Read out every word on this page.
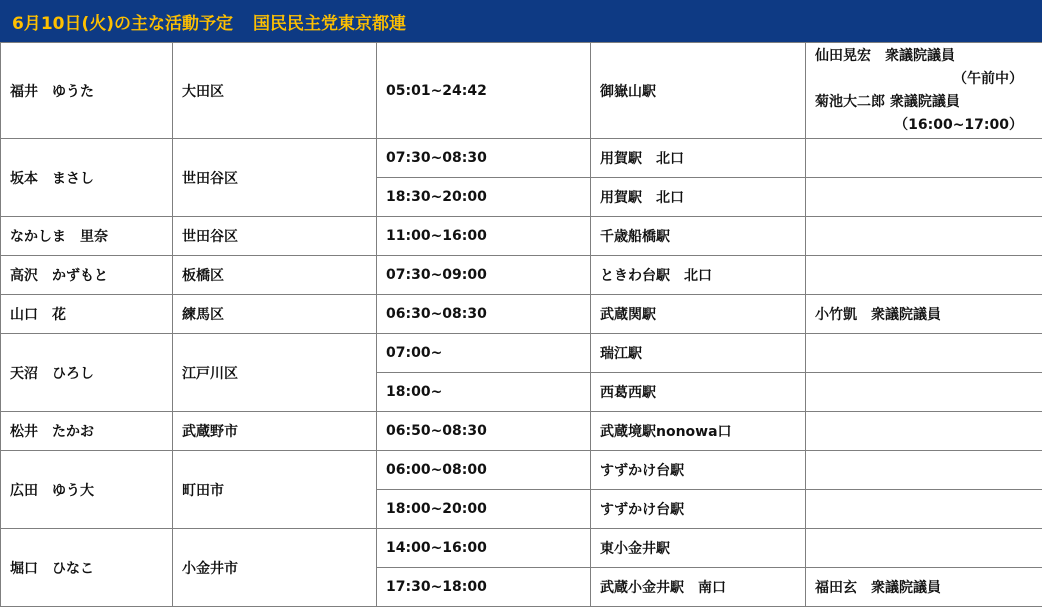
6月10日(火)の主な活動予定 国民民主党東京都連
福井　ゆうた	大田区	05:01~24:42	御嶽山駅	仙田晃宏　衆議院議員
（午前中）
菊池大二郎 衆議院議員
（16:00~17:00）

坂本　まさし	世田谷区	07:30~08:30	用賀駅　北口	
		18:30~20:00	用賀駅　北口	
なかしま　里奈	世田谷区	11:00~16:00	千歳船橋駅	
高沢　かずもと	板橋区	07:30~09:00	ときわ台駅　北口	
山口　花	練馬区	06:30~08:30	武蔵関駅	小竹凱　衆議院議員
天沼　ひろし	江戸川区	07:00~	瑞江駅	
		18:00~	西葛西駅	
松井　たかお	武蔵野市	06:50~08:30	武蔵境駅nonowa口	
広田　ゆう大	町田市	06:00~08:00	すずかけ台駅	
		18:00~20:00	すずかけ台駅	
堀口　ひなこ	小金井市	14:00~16:00	東小金井駅	
		17:30~18:00	武蔵小金井駅　南口	福田玄　衆議院議員
